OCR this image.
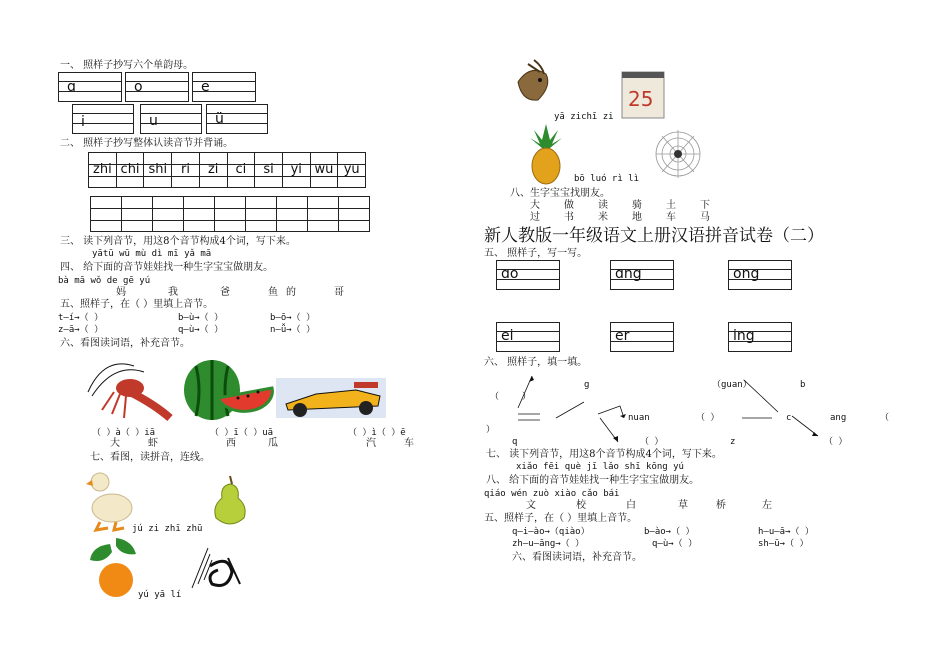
一、 照样子抄写六个单韵母。
ɑ	o	e
i	u	ü
二、 照样子抄写整体认读音节并背诵。
zhi chi shi	ri	zi	ci	si	yi wu yu
三、 读下列音节，用这8个音节构成4个词，写下来。
yātū wū mù dì mī yǎ mā
四、 给下面的音节娃娃找一种生字宝宝做朋友。
bà mā wǒ de gē yú
妈	我	爸	鱼 的	哥
五、照样子，在（ ）里填上音节。
t—í→（ ）	b—ù→（ ）	b—ō→（ ）
z—ā→（ ）	q—ù→（ ）	n—ǚ→（ ）
六、看图读词语，补充音节。
（ ）à（ ）iā	（ ）ī（ ）uā	（ ）ì（ ）ē
大	虾	西	瓜	汽	车
七、看图，读拼音，连线。
jú zi zhī zhū
yú yā lí
25
yā zichī zi
bō luó rì lì
八、生字宝宝找朋友。
大 做 读 骑 土 下
过 书 米 地 车 马
新人教版一年级语文上册汉语拼音试卷（二）
五、 照样子，写一写。
ɑo	ɑng	ong
ei	er	ing
六、 照样子，填一填。
g	（guan）	b
（	）
nuan	（ ）	c	ang	（
）
q	（ ）	z	（ ）
七、 读下列音节，用这8个音节构成4个词，写下来。
xiǎo fēi què jī lǎo shī kōng yú
八、 给下面的音节娃娃找一种生字宝宝做朋友。
qiáo wén zuò xiào cǎo bái
文	校	白	草	桥	左
五、照样子，在（ ）里填上音节。
q—i—ào→（qiào）	b—ào→（ ）	h—u—ā→（ ）
zh—u—āng→（ ）	q—ù→（ ）	sh—ū→（ ）
六、看图读词语，补充音节。
